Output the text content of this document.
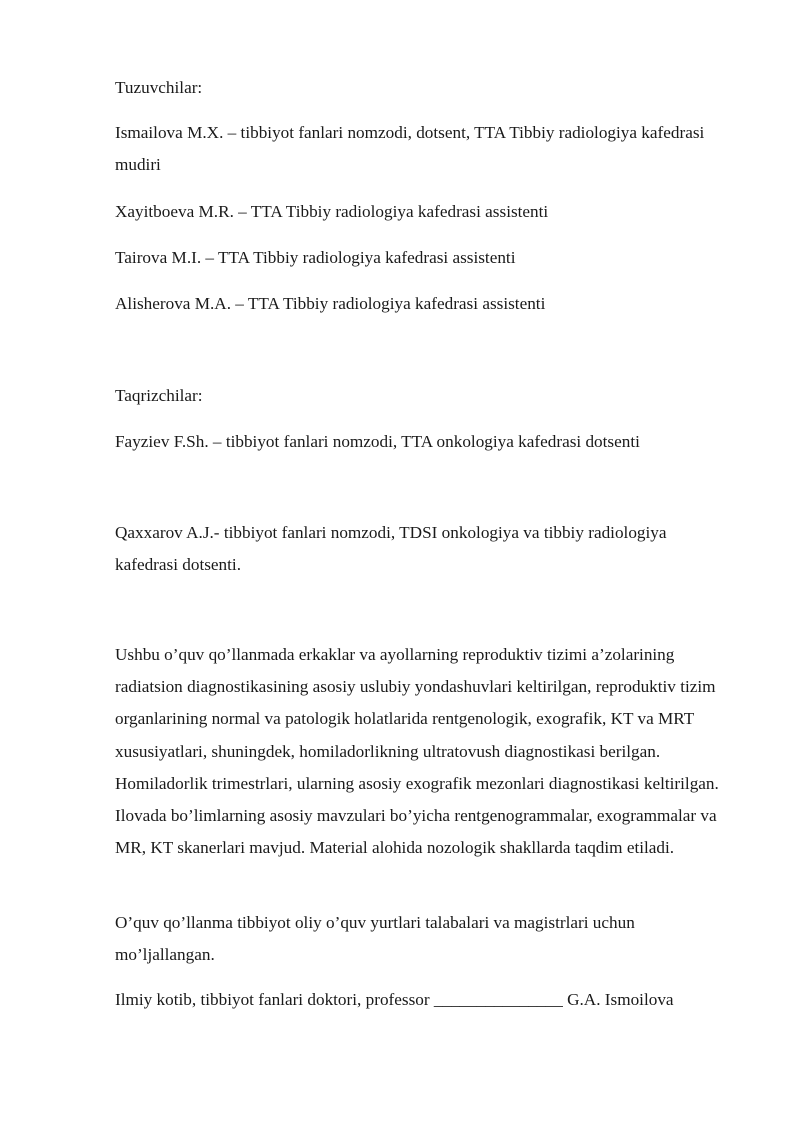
Tuzuvchilar:

Ismailova M.X. – tibbiyot fanlari nomzodi, dotsent, TTA Tibbiy radiologiya kafedrasi mudiri

Xayitboeva M.R. – TTA Tibbiy radiologiya kafedrasi assistenti
Tairova M.I. – TTA Tibbiy radiologiya kafedrasi assistenti
Alisherova M.A. – TTA Tibbiy radiologiya kafedrasi assistenti
Taqrizchilar:
Fayziev F.Sh. – tibbiyot fanlari nomzodi, TTA onkologiya kafedrasi dotsenti

Qaxxarov A.J.- tibbiyot fanlari nomzodi, TDSI onkologiya va tibbiy radiologiya kafedrasi dotsenti.

Ushbu o’quv qo’llanmada erkaklar va ayollarning reproduktiv tizimi a’zolarining radiatsion diagnostikasining asosiy uslubiy yondashuvlari keltirilgan, reproduktiv tizim organlarining normal va patologik holatlarida rentgenologik, exografik, KT va MRT xususiyatlari, shuningdek, homiladorlikning ultratovush diagnostikasi berilgan. Homiladorlik trimestrlari, ularning asosiy exografik mezonlari diagnostikasi keltirilgan. Ilovada bo’limlarning asosiy mavzulari bo’yicha rentgenogrammalar, exogrammalar va MR, KT skanerlari mavjud. Material alohida nozologik shakllarda taqdim etiladi.

O’quv qo’llanma tibbiyot oliy o’quv yurtlari talabalari va magistrlari uchun mo’ljallangan.

Ilmiy kotib, tibbiyot fanlari doktori, professor _______________ G.A. Ismoilova
